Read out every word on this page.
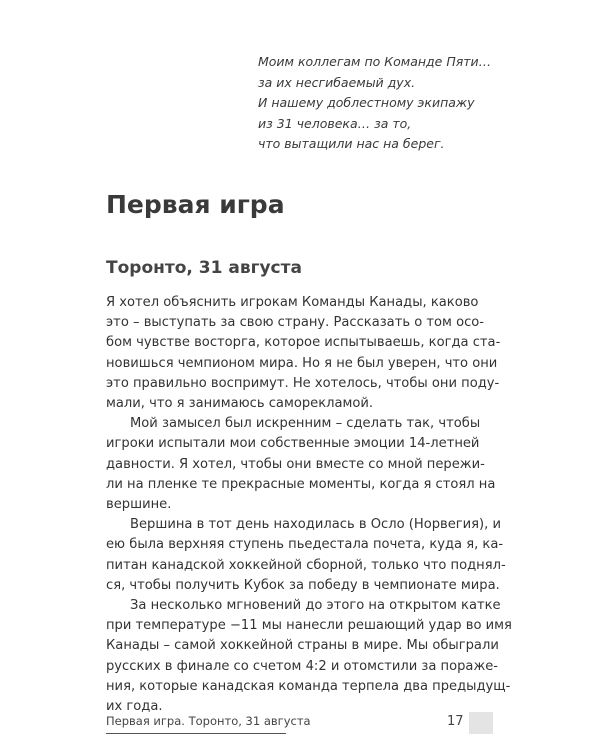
Моим коллегам по Команде Пяти…
за их несгибаемый дух.
И нашему доблестному экипажу
из 31 человека… за то,
что вытащили нас на берег.
Первая игра
Торонто, 31 августа
Я хотел объяснить игрокам Команды Канады, каково
это – выступать за свою страну. Рассказать о том осо-
бом чувстве восторга, которое испытываешь, когда ста-
новишься чемпионом мира. Но я не был уверен, что они
это правильно воспримут. Не хотелось, чтобы они поду-
мали, что я занимаюсь саморекламой.
Мой замысел был искренним – сделать так, чтобы
игроки испытали мои собственные эмоции 14-летней
давности. Я хотел, чтобы они вместе со мной пережи-
ли на пленке те прекрасные моменты, когда я стоял на
вершине.
Вершина в тот день находилась в Осло (Норвегия), и
ею была верхняя ступень пьедестала почета, куда я, ка-
питан канадской хоккейной сборной, только что поднял-
ся, чтобы получить Кубок за победу в чемпионате мира.
За несколько мгновений до этого на открытом катке
при температуре −11 мы нанесли решающий удар во имя
Канады – самой хоккейной страны в мире. Мы обыграли
русских в финале со счетом 4:2 и отомстили за пораже-
ния, которые канадская команда терпела два предыдущ-
их года.
Первая игра. Торонто, 31 августа	17
